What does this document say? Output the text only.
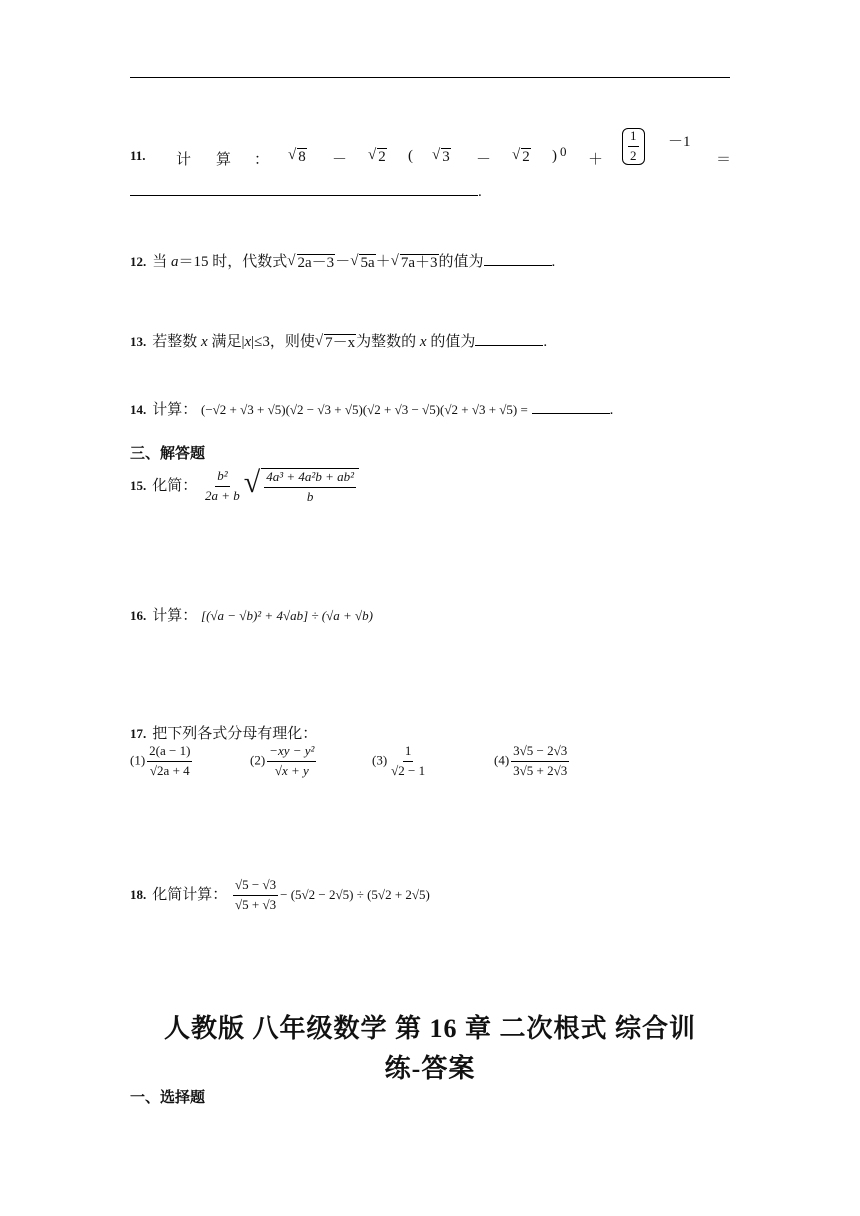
11. 计 算 ： √ 8 － √ 2 ( √ 3 － √ 2 ) 0
＋ $\frac{1}{2} -1$
＝
.
12. 当 a＝15 时，代数式 √ 2a－3 － √ 5a ＋ √ 7a＋3 的值为	.
13. 若整数 x 满足|x|≤3，则使 √ 7－x 为整数的 x 的值为	.
14. 计算： (−√2 + √3 + √5)(√2 − √3 + √5)(√2 + √3 − √5)(√2 + √3 + √5) =	.
三、解答题
15. 化简： $\frac{\text{b²}}{2a + b}$ √ $\frac{\text{4a³ + 4a²b + ab²}}{b}$
16. 计算： [(√a − √b)² + 4√ab] ÷ (√a + √b)
17. 把下列各式分母有理化：
$(1) \frac{2(a - 1)}{√2a + 4}$	$(2) \frac{\text{−xy − y²}}{√x + y}$	$(3) \frac{1}{√2 - 1}$	$(4) \frac{3√5 - 2√3}{3√5 + 2√3}$
18. 化简计算： $\frac{√5 - √3}{√5 + √3} - (5√2 - 2√5) \div (5√2 + 2√5)$
人教版 八年级数学 第 16 章 二次根式 综合训
练-答案
一、选择题
